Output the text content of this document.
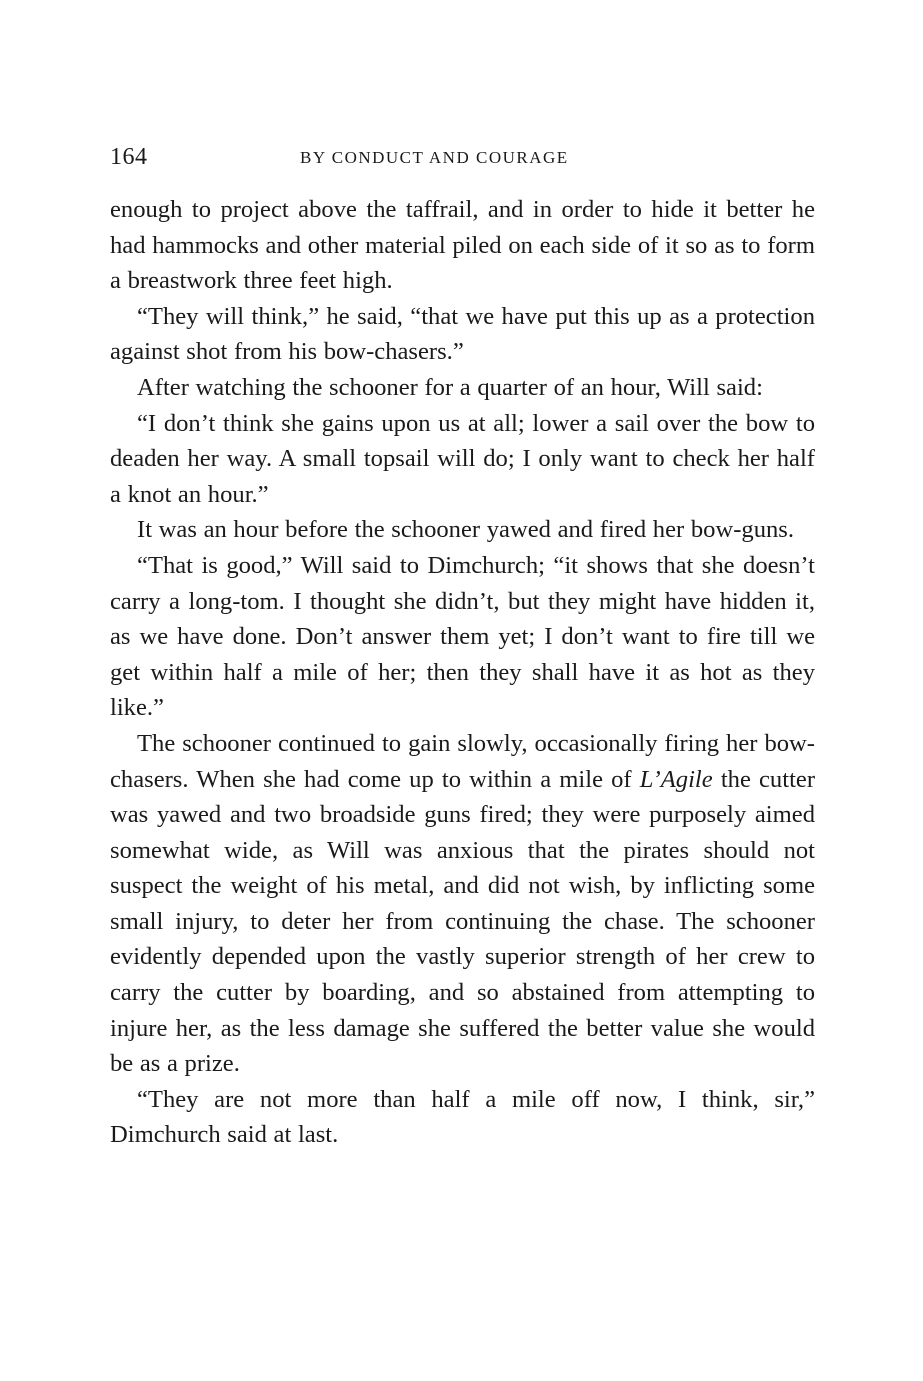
164	BY CONDUCT AND COURAGE

enough to project above the taffrail, and in order to hide it better he had hammocks and other material piled on each side of it so as to form a breastwork three feet high.

“They will think,” he said, “that we have put this up as a protection against shot from his bow-chasers.”

After watching the schooner for a quarter of an hour, Will said:

“I don’t think she gains upon us at all; lower a sail over the bow to deaden her way. A small topsail will do; I only want to check her half a knot an hour.”

It was an hour before the schooner yawed and fired her bow-guns.

“That is good,” Will said to Dimchurch; “it shows that she doesn’t carry a long-tom. I thought she didn’t, but they might have hidden it, as we have done. Don’t answer them yet; I don’t want to fire till we get within half a mile of her; then they shall have it as hot as they like.”

The schooner continued to gain slowly, occasionally firing her bow-chasers. When she had come up to within a mile of L’Agile the cutter was yawed and two broadside guns fired; they were purposely aimed somewhat wide, as Will was anxious that the pirates should not suspect the weight of his metal, and did not wish, by inflicting some small injury, to deter her from continuing the chase. The schooner evidently depended upon the vastly superior strength of her crew to carry the cutter by boarding, and so abstained from attempting to injure her, as the less damage she suffered the better value she would be as a prize.

“They are not more than half a mile off now, I think, sir,” Dimchurch said at last.
